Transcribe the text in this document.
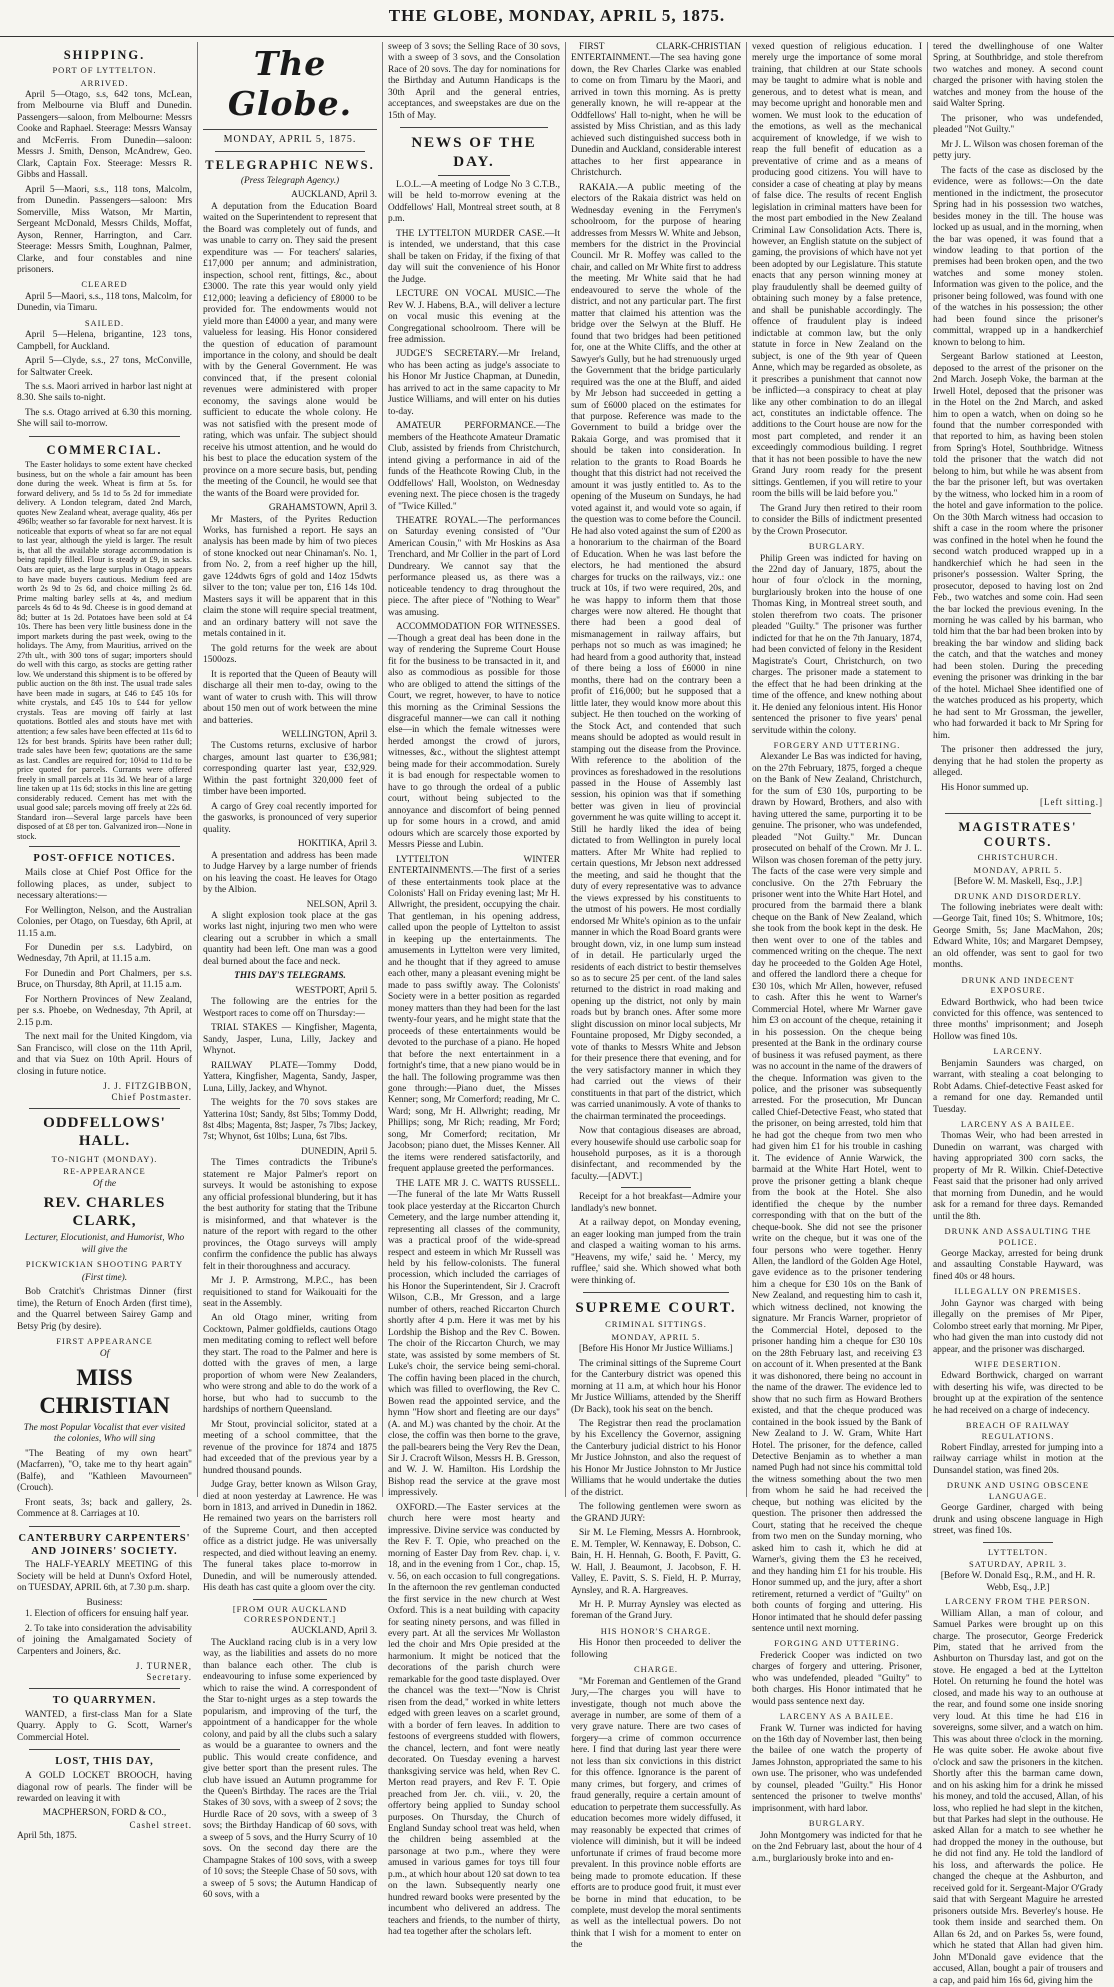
THE GLOBE, MONDAY, APRIL 5, 1875.
SHIPPING.
PORT OF LYTTELTON.
ARRIVED.

April 5—Otago, s.s, 642 tons, McLean, from Melbourne via Bluff and Dunedin. Passengers—saloon, from Melbourne: Messrs Cooke and Raphael. Steerage: Messrs Wansay and McFerris. From Dunedin—saloon: Messrs J. Smith, Denson, McAndrew, Geo. Clark, Captain Fox. Steerage: Messrs R. Gibbs and Hassall.

April 5—Maori, s.s., 118 tons, Malcolm, from Dunedin. Passengers—saloon: Mrs Somerville, Miss Watson, Mr Martin, Sergeant McDonald, Messrs Childs, Moffat, Ayson, Renner, Harrington, and Carr. Steerage: Messrs Smith, Loughnan, Palmer, Clarke, and four constables and nine prisoners.

CLEARED

April 5—Maori, s.s., 118 tons, Malcolm, for Dunedin, via Timaru.

SAILED.

April 5—Helena, brigantine, 123 tons, Campbell, for Auckland.

April 5—Clyde, s.s., 27 tons, McConville, for Saltwater Creek.

The s.s. Maori arrived in harbor last night at 8.30. She sails to-night.

The s.s. Otago arrived at 6.30 this morning. She will sail to-morrow.

COMMERCIAL.

The Easter holidays to some extent have checked business, but on the whole a fair amount has been done during the week. Wheat is firm at 5s. for forward delivery, and 5s 1d to 5s 2d for immediate delivery. A London telegram, dated 2nd March, quotes New Zealand wheat, average quality, 46s per 496lb; weather so far favorable for next harvest. It is noticeable that exports of wheat so far are not equal to last year, although the yield is larger. The result is, that all the available storage accommodation is being rapidly filled. Flour is steady at £9, in sacks. Oats are quiet, as the large surplus in Otago appears to have made buyers cautious. Medium feed are worth 2s 9d to 2s 6d, and choice milling 2s 6d. Prime malting barley sells at 4s, and medium parcels 4s 6d to 4s 9d. Cheese is in good demand at 8d; butter at 1s 2d. Potatoes have been sold at £4 10s. There has been very little business done in the import markets during the past week, owing to the holidays. The Amy, from Mauritius, arrived on the 27th ult., with 300 tons of sugar; importers should do well with this cargo, as stocks are getting rather low. We understand this shipment is to be offered by public auction on the 8th inst. The usual trade sales have been made in sugars, at £46 to £45 10s for white crystals, and £45 10s to £44 for yellow crystals. Teas are moving off fairly at last quotations. Bottled ales and stouts have met with attention; a few sales have been effected at 11s 6d to 12s for best brands. Spirits have been rather dull; trade sales have been few; quotations are the same as last. Candles are required for; 10½d to 11d to be price quoted for parcels. Currants were offered freely in small parcels at 11s 3d. We hear of a large line taken up at 11s 6d; stocks in this line are getting considerably reduced. Cement has met with the usual good sale; parcels moving off freely at 22s 6d. Standard iron—Several large parcels have been disposed of at £8 per ton. Galvanized iron—None in stock.

POST-OFFICE NOTICES.

Mails close at Chief Post Office for the following places, as under, subject to necessary alterations:—

For Wellington, Nelson, and the Australian Colonies, per Otago, on Tuesday, 6th April, at 11.15 a.m.

For Dunedin per s.s. Ladybird, on Wednesday, 7th April, at 11.15 a.m.

For Dunedin and Port Chalmers, per s.s. Bruce, on Thursday, 8th April, at 11.15 a.m.

For Northern Provinces of New Zealand, per s.s. Phoebe, on Wednesday, 7th April, at 2.15 p.m.

The next mail for the United Kingdom, via San Francisco, will close on the 11th April, and that via Suez on 10th April. Hours of closing in future notice.

J. J. FITZGIBBON,
Chief Postmaster.
ODDFELLOWS' HALL.
TO-NIGHT (MONDAY).
RE-APPEARANCE
Of the
REV. CHARLES CLARK,
Lecturer, Elocutionist, and Humorist, Who will give the
PICKWICKIAN SHOOTING PARTY
(First time).

Bob Cratchit's Christmas Dinner (first time), the Return of Enoch Arden (first time), and the Quarrel between Sairey Gamp and Betsy Prig (by desire).

FIRST APPEARANCE
Of
MISS CHRISTIAN
The most Popular Vocalist that ever visited the colonies, Who will sing

"The Beating of my own heart" (Macfarren), "O, take me to thy heart again" (Balfe), and "Kathleen Mavourneen" (Crouch).

Front seats, 3s; back and gallery, 2s. Commence at 8. Carriages at 10.

CANTERBURY CARPENTERS' AND JOINERS' SOCIETY.

The HALF-YEARLY MEETING of this Society will be held at Dunn's Oxford Hotel, on TUESDAY, APRIL 6th, at 7.30 p.m. sharp.

Business:

1. Election of officers for ensuing half year.

2. To take into consideration the advisability of joining the Amalgamated Society of Carpenters and Joiners, &c.

J. TURNER,
Secretary.
TO QUARRYMEN.

WANTED, a first-class Man for a Slate Quarry. Apply to G. Scott, Warner's Commercial Hotel.

LOST, THIS DAY,

A GOLD LOCKET BROOCH, having diagonal row of pearls. The finder will be rewarded on leaving it with

MACPHERSON, FORD & CO.,
Cashel street.
April 5th, 1875.
The Globe.
MONDAY, APRIL 5, 1875.
TELEGRAPHIC NEWS.
(Press Telegraph Agency.)
AUCKLAND, April 3.

A deputation from the Education Board waited on the Superintendent to represent that the Board was completely out of funds, and was unable to carry on. They said the present expenditure was — For teachers' salaries, £17,000 per annum; and administration, inspection, school rent, fittings, &c., about £3000. The rate this year would only yield £12,000; leaving a deficiency of £8000 to be provided for. The endowments would not yield more than £4000 a year, and many were valueless for leasing. His Honor considered the question of education of paramount importance in the colony, and should be dealt with by the General Government. He was convinced that, if the present colonial revenues were administered with proper economy, the savings alone would be sufficient to educate the whole colony. He was not satisfied with the present mode of rating, which was unfair. The subject should receive his utmost attention, and he would do his best to place the education system of the province on a more secure basis, but, pending the meeting of the Council, he would see that the wants of the Board were provided for.

GRAHAMSTOWN, April 3.

Mr Masters, of the Pyrites Reduction Works, has furnished a report. He says an analysis has been made by him of two pieces of stone knocked out near Chinaman's. No. 1, from No. 2, from a reef higher up the hill, gave 124dwts 6grs of gold and 14oz 15dwts silver to the ton; value per ton, £16 14s 10d. Masters says it will be apparent that in this claim the stone will require special treatment, and an ordinary battery will not save the metals contained in it.

The gold returns for the week are about 1500ozs.

It is reported that the Queen of Beauty will discharge all their men to-day, owing to the want of water to crush with. This will throw about 150 men out of work between the mine and batteries.

WELLINGTON, April 3.

The Customs returns, exclusive of harbor charges, amount last quarter to £36,981; corresponding quarter last year, £32,929. Within the past fortnight 320,000 feet of timber have been imported.

A cargo of Grey coal recently imported for the gasworks, is pronounced of very superior quality.

HOKITIKA, April 3.

A presentation and address has been made to Judge Harvey by a large number of friends on his leaving the coast. He leaves for Otago by the Albion.

NELSON, April 3.

A slight explosion took place at the gas works last night, injuring two men who were clearing out a scrubber in which a small quantity had been left. One man was a good deal burned about the face and neck.

THIS DAY'S TELEGRAMS.
WESTPORT, April 5.

The following are the entries for the Westport races to come off on Thursday:—

TRIAL STAKES — Kingfisher, Magenta, Sandy, Jasper, Luna, Lilly, Jackey and Whynot.

RAILWAY PLATE—Tommy Dodd, Yattera, Kingfisher, Magenta, Sandy, Jasper, Luna, Lilly, Jackey, and Whynot.

The weights for the 70 sovs stakes are Yatterina 10st; Sandy, 8st 5lbs; Tommy Dodd, 8st 4lbs; Magenta, 8st; Jasper, 7s 7lbs; Jackey, 7st; Whynot, 6st 10lbs; Luna, 6st 7lbs.

DUNEDIN, April 5.

The Times contradicts the Tribune's statement re Major Palmer's report on surveys. It would be astonishing to expose any official professional blundering, but it has the best authority for stating that the Tribune is misinformed, and that whatever is the nature of the report with regard to the other provinces, the Otago surveys will amply confirm the confidence the public has always felt in their thoroughness and accuracy.

Mr J. P. Armstrong, M.P.C., has been requisitioned to stand for Waikouaiti for the seat in the Assembly.

An old Otago miner, writing from Cocktown, Palmer goldfields, cautions Otago men meditating coming to reflect well before they start. The road to the Palmer and here is dotted with the graves of men, a large proportion of whom were New Zealanders, who were strong and able to do the work of a horse, but who had to succumb to the hardships of northern Queensland.

Mr Stout, provincial solicitor, stated at a meeting of a school committee, that the revenue of the province for 1874 and 1875 had exceeded that of the previous year by a hundred thousand pounds.

Judge Gray, better known as Wilson Gray, died at noon yesterday at Lawrence. He was born in 1813, and arrived in Dunedin in 1862. He remained two years on the barristers roll of the Supreme Court, and then accepted office as a district judge. He was universally respected, and died without leaving an enemy. The funeral takes place to-morrow in Dunedin, and will be numerously attended. His death has cast quite a gloom over the city.

[FROM OUR AUCKLAND CORRESPONDENT.]
AUCKLAND, April 3.

The Auckland racing club is in a very low way, as the liabilities and assets do no more than balance each other. The club is endeavouring to infuse some experienced by which to raise the wind. A correspondent of the Star to-night urges as a step towards the popularism, and improving of the turf, the appointment of a handicapper for the whole colony, and paid by all the clubs such a salary as would be a guarantee to owners and the public. This would create confidence, and give better sport than the present rules. The club have issued an Autumn programme for the Queen's Birthday. The races are the Trial Stakes of 30 sovs, with a sweep of 2 sovs; the Hurdle Race of 20 sovs, with a sweep of 3 sovs; the Birthday Handicap of 60 sovs, with a sweep of 5 sovs, and the Hurry Scurry of 10 sovs. On the second day there are the Champagne Stakes of 100 sovs, with a sweep of 10 sovs; the Steeple Chase of 50 sovs, with a sweep of 5 sovs; the Autumn Handicap of 60 sovs, with a

sweep of 3 sovs; the Selling Race of 30 sovs, with a sweep of 3 sovs, and the Consolation Race of 20 sovs. The day for nominations for the Birthday and Autumn Handicaps is the 30th April and the general entries, acceptances, and sweepstakes are due on the 15th of May.

NEWS OF THE DAY.

L.O.L.—A meeting of Lodge No 3 C.T.B., will be held to-morrow evening at the Oddfellows' Hall, Montreal street south, at 8 p.m.

THE LYTTELTON MURDER CASE.—It is intended, we understand, that this case shall be taken on Friday, if the fixing of that day will suit the convenience of his Honor the Judge.

LECTURE ON VOCAL MUSIC.—The Rev W. J. Habens, B.A., will deliver a lecture on vocal music this evening at the Congregational schoolroom. There will be free admission.

JUDGE'S SECRETARY.—Mr Ireland, who has been acting as judge's associate to his Honor Mr Justice Chapman, at Dunedin, has arrived to act in the same capacity to Mr Justice Williams, and will enter on his duties to-day.

AMATEUR PERFORMANCE.—The members of the Heathcote Amateur Dramatic Club, assisted by friends from Christchurch, intend giving a performance in aid of the funds of the Heathcote Rowing Club, in the Oddfellows' Hall, Woolston, on Wednesday evening next. The piece chosen is the tragedy of "Twice Killed."

THEATRE ROYAL.—The performances on Saturday evening consisted of "Our American Cousin," with Mr Hoskins as Asa Trenchard, and Mr Collier in the part of Lord Dundreary. We cannot say that the performance pleased us, as there was a noticeable tendency to drag throughout the piece. The after piece of "Nothing to Wear" was amusing.

ACCOMMODATION FOR WITNESSES.—Though a great deal has been done in the way of rendering the Supreme Court House fit for the business to be transacted in it, and also as commodious as possible for those who are obliged to attend the sittings of the Court, we regret, however, to have to notice this morning as the Criminal Sessions the disgraceful manner—we can call it nothing else—in which the female witnesses were herded amongst the crowd of jurors, witnesses, &c., without the slightest attempt being made for their accommodation. Surely it is bad enough for respectable women to have to go through the ordeal of a public court, without being subjected to the annoyance and discomfort of being penned up for some hours in a crowd, and amid odours which are scarcely those exported by Messrs Piesse and Lubin.

LYTTELTON WINTER ENTERTAINMENTS.—The first of a series of these entertainments took place at the Colonists' Hall on Friday evening last; Mr H. Allwright, the president, occupying the chair. That gentleman, in his opening address, called upon the people of Lyttelton to assist in keeping up the entertainments. The amusements in Lyttelton were very limited, and he thought that if they agreed to amuse each other, many a pleasant evening might be made to pass swiftly away. The Colonists' Society were in a better position as regarded money matters than they had been for the last twenty-four years, and he might state that the proceeds of these entertainments would be devoted to the purchase of a piano. He hoped that before the next entertainment in a fortnight's time, that a new piano would be in the hall. The following programme was then gone through:—Piano duet, the Misses Kenner; song, Mr Comerford; reading, Mr C. Ward; song, Mr H. Allwright; reading, Mr Phillips; song, Mr Rich; reading, Mr Ford; song, Mr Comerford; recitation, Mr Jacobson; piano duet, the Misses Kenner. All the items were rendered satisfactorily, and frequent applause greeted the performances.

THE LATE MR J. C. WATTS RUSSELL.—The funeral of the late Mr Watts Russell took place yesterday at the Riccarton Church Cemetery, and the large number attending it, representing all classes of the community, was a practical proof of the wide-spread respect and esteem in which Mr Russell was held by his fellow-colonists. The funeral procession, which included the carriages of his Honor the Superintendent, Sir J. Cracroft Wilson, C.B., Mr Gresson, and a large number of others, reached Riccarton Church shortly after 4 p.m. Here it was met by his Lordship the Bishop and the Rev C. Bowen. The choir of the Riccarton Church, we may state, was assisted by some members of St. Luke's choir, the service being semi-choral. The coffin having been placed in the church, which was filled to overflowing, the Rev C. Bowen read the appointed service, and the hymn "How short and fleeting are our days" (A. and M.) was chanted by the choir. At the close, the coffin was then borne to the grave, the pall-bearers being the Very Rev the Dean, Sir J. Cracroft Wilson, Messrs H. B. Gresson, and W. J. W. Hamilton. His Lordship the Bishop read the service at the grave most impressively.

OXFORD.—The Easter services at the church here were most hearty and impressive. Divine service was conducted by the Rev F. T. Opie, who preached on the morning of Easter Day from Rev. chap. i, v. 18, and in the evening from 1 Cor., chap. 15, v. 56, on each occasion to full congregations. In the afternoon the rev gentleman conducted the first service in the new church at West Oxford. This is a neat building with capacity for seating ninety persons, and was filled in every part. At all the services Mr Wollaston led the choir and Mrs Opie presided at the harmonium. It might be noticed that the decorations of the parish church were remarkable for the good taste displayed. Over the chancel was the text—"Now is Christ risen from the dead," worked in white letters edged with green leaves on a scarlet ground, with a border of fern leaves. In addition to festoons of evergreens studded with flowers, the chancel, lectern, and font were neatly decorated. On Tuesday evening a harvest thanksgiving service was held, when Rev C. Merton read prayers, and Rev F. T. Opie preached from Jer. ch. viii., v. 20, the offertory being applied to Sunday school purposes. On Thursday, the Church of England Sunday school treat was held, when the children being assembled at the parsonage at two p.m., where they were amused in various games for toys till four p.m., at which hour about 120 sat down to tea on the lawn. Subsequently nearly one hundred reward books were presented by the incumbent who delivered an address. The teachers and friends, to the number of thirty, had tea together after the scholars left.

FIRST CLARK-CHRISTIAN ENTERTAINMENT.—The sea having gone down, the Rev Charles Clarke was enabled to come on from Timaru by the Maori, and arrived in town this morning. As is pretty generally known, he will re-appear at the Oddfellows' Hall to-night, when he will be assisted by Miss Christian, and as this lady achieved such distinguished success both in Dunedin and Auckland, considerable interest attaches to her first appearance in Christchurch.

RAKAIA.—A public meeting of the electors of the Rakaia district was held on Wednesday evening in the Ferrymen's schoolroom, for the purpose of hearing addresses from Messrs W. White and Jebson, members for the district in the Provincial Council. Mr R. Moffey was called to the chair, and called on Mr White first to address the meeting. Mr White said that he had endeavoured to serve the whole of the district, and not any particular part. The first matter that claimed his attention was the bridge over the Selwyn at the Bluff. He found that two bridges had been petitioned for, one at the White Cliffs, and the other at Sawyer's Gully, but he had strenuously urged the Government that the bridge particularly required was the one at the Bluff, and aided by Mr Jebson had succeeded in getting a sum of £6000 placed on the estimates for that purpose. Reference was made to the Government to build a bridge over the Rakaia Gorge, and was promised that it should be taken into consideration. In relation to the grants to Road Boards he thought that this district had not received the amount it was justly entitled to. As to the opening of the Museum on Sundays, he had voted against it, and would vote so again, if the question was to come before the Council. He had also voted against the sum of £200 as a honorarium to the chairman of the Board of Education. When he was last before the electors, he had mentioned the absurd charges for trucks on the railways, viz.: one truck at 10s, if two were required, 20s, and he was happy to inform them that those charges were now altered. He thought that there had been a good deal of mismanagement in railway affairs, but perhaps not so much as was imagined; he had heard from a good authority that, instead of there being a loss of £6000 in nine months, there had on the contrary been a profit of £16,000; but he supposed that a little later, they would know more about this subject. He then touched on the working of the Stock Act, and contended that such means should be adopted as would result in stamping out the disease from the Province. With reference to the abolition of the provinces as foreshadowed in the resolutions passed in the House of Assembly last session, his opinion was that if something better was given in lieu of provincial government he was quite willing to accept it. Still he hardly liked the idea of being dictated to from Wellington in purely local matters. After Mr White had replied to certain questions, Mr Jebson next addressed the meeting, and said he thought that the duty of every representative was to advance the views expressed by his constituents to the utmost of his powers. He most cordially endorsed Mr White's opinion as to the unfair manner in which the Road Board grants were brought down, viz, in one lump sum instead of in detail. He particularly urged the residents of each district to bestir themselves so as to secure 25 per cent. of the land sales returned to the district in road making and opening up the district, not only by main roads but by branch ones. After some more slight discussion on minor local subjects, Mr Fountaine proposed, Mr Digby seconded, a vote of thanks to Messrs White and Jebson for their presence there that evening, and for the very satisfactory manner in which they had carried out the views of their constituents in that part of the district, which was carried unanimously. A vote of thanks to the chairman terminated the proceedings.

Now that contagious diseases are abroad, every housewife should use carbolic soap for household purposes, as it is a thorough disinfectant, and recommended by the faculty.—[ADVT.]

Receipt for a hot breakfast—Admire your landlady's new bonnet.

At a railway depot, on Monday evening, an eager looking man jumped from the train and clasped a waiting woman to his arms. "Heavens, my wife,' said he. ' Mercy, my rufflee,' said she. Which showed what both were thinking of.

SUPREME COURT.
CRIMINAL SITTINGS.
MONDAY, APRIL 5.

[Before His Honor Mr Justice Williams.]

The criminal sittings of the Supreme Court for the Canterbury district was opened this morning at 11 a.m, at which hour his Honor Mr Justice Williams, attended by the Sheriff (Dr Back), took his seat on the bench.

The Registrar then read the proclamation by his Excellency the Governor, assigning the Canterbury judicial district to his Honor Mr Justice Johnston, and also the request of his Honor Mr Justice Johnston to Mr Justice Williams that he would undertake the duties of the district.

The following gentlemen were sworn as the GRAND JURY:

Sir M. Le Fleming, Messrs A. Hornbrook, E. M. Templer, W. Kennaway, E. Dobson, C. Bain, H. H. Hennah, G. Booth, F. Pavitt, G. W. Hall, J. Beaumont, J. Jacobson, F. H. Valley, E. Pavitt, S. S. Field, H. P. Murray, Aynsley, and R. A. Hargreaves.

Mr H. P. Murray Aynsley was elected as foreman of the Grand Jury.

HIS HONOR'S CHARGE.

His Honor then proceeded to deliver the following

CHARGE.

"Mr Foreman and Gentlemen of the Grand Jury,—The charges you will have to investigate, though not much above the average in number, are some of them of a very grave nature. There are two cases of forgery—a crime of common occurrence here. I find that during last year there were not less than six convictions in this district for this offence. Ignorance is the parent of many crimes, but forgery, and crimes of fraud generally, require a certain amount of education to perpetrate them successfully. As education becomes more widely diffused, it may reasonably be expected that crimes of violence will diminish, but it will be indeed unfortunate if crimes of fraud become more prevalent. In this province noble efforts are being made to promote education. If these efforts are to produce good fruit, it must ever be borne in mind that education, to be complete, must develop the moral sentiments as well as the intellectual powers. Do not think that I wish for a moment to enter on the

vexed question of religious education. I merely urge the importance of some moral training, that children at our State schools may be taught to admire what is noble and generous, and to detest what is mean, and may become upright and honorable men and women. We must look to the education of the emotions, as well as the mechanical acquirement of knowledge, if we wish to reap the full benefit of education as a preventative of crime and as a means of producing good citizens. You will have to consider a case of cheating at play by means of false dice. The results of recent English legislation in criminal matters have been for the most part embodied in the New Zealand Criminal Law Consolidation Acts. There is, however, an English statute on the subject of gaming, the provisions of which have not yet been adopted by our Legislature. This statute enacts that any person winning money at play fraudulently shall be deemed guilty of obtaining such money by a false pretence, and shall be punishable accordingly. The offence of fraudulent play is indeed indictable at common law, but the only statute in force in New Zealand on the subject, is one of the 9th year of Queen Anne, which may be regarded as obsolete, as it prescribes a punishment that cannot now be inflicted—a conspiracy to cheat at play like any other combination to do an illegal act, constitutes an indictable offence. The additions to the Court house are now for the most part completed, and render it an exceedingly commodious building. I regret that it has not been possible to have the new Grand Jury room ready for the present sittings. Gentlemen, if you will retire to your room the bills will be laid before you."

The Grand Jury then retired to their room to consider the Bills of indictment presented by the Crown Prosecutor.

BURGLARY.

Philip Green was indicted for having on the 22nd day of January, 1875, about the hour of four o'clock in the morning, burglariously broken into the house of one Thomas King, in Montreal street south, and stolen therefrom two coats. The prisoner pleaded "Guilty." The prisoner was further indicted for that he on the 7th January, 1874, had been convicted of felony in the Resident Magistrate's Court, Christchurch, on two charges. The prisoner made a statement to the effect that he had been drinking at the time of the offence, and knew nothing about it. He denied any felonious intent. His Honor sentenced the prisoner to five years' penal servitude within the colony.

FORGERY AND UTTERING.

Alexander Le Bas was indicted for having, on the 27th February, 1875, forged a cheque on the Bank of New Zealand, Christchurch, for the sum of £30 10s, purporting to be drawn by Howard, Brothers, and also with having uttered the same, purporting it to be genuine. The prisoner, who was undefended, pleaded "Not Guilty." Mr. Duncan prosecuted on behalf of the Crown. Mr J. L. Wilson was chosen foreman of the petty jury. The facts of the case were very simple and conclusive. On the 27th February the prisoner went into the White Hart Hotel, and procured from the barmaid there a blank cheque on the Bank of New Zealand, which she took from the book kept in the desk. He then went over to one of the tables and commenced writing on the cheque. The next day he proceeded to the Golden Age Hotel, and offered the landlord there a cheque for £30 10s, which Mr Allen, however, refused to cash. After this he went to Warner's Commercial Hotel, where Mr Warner gave him £3 on account of the cheque, retaining it in his possession. On the cheque being presented at the Bank in the ordinary course of business it was refused payment, as there was no account in the name of the drawers of the cheque. Information was given to the police, and the prisoner was subsequently arrested. For the prosecution, Mr Duncan called Chief-Detective Feast, who stated that the prisoner, on being arrested, told him that he had got the cheque from two men who had given him £1 for his trouble in cashing it. The evidence of Annie Warwick, the barmaid at the White Hart Hotel, went to prove the prisoner getting a blank cheque from the book at the Hotel. She also identified the cheque by the number corresponding with that on the butt of the cheque-book. She did not see the prisoner write on the cheque, but it was one of the four persons who were together. Henry Allen, the landlord of the Golden Age Hotel, gave evidence as to the prisoner tendering him a cheque for £30 10s on the Bank of New Zealand, and requesting him to cash it, which witness declined, not knowing the signature. Mr Francis Warner, proprietor of the Commercial Hotel, deposed to the prisoner handing him a cheque for £30 10s on the 28th February last, and receiving £3 on account of it. When presented at the Bank it was dishonored, there being no account in the name of the drawer. The evidence led to show that no such firm as Howard Brothers existed, and that the cheque produced was contained in the book issued by the Bank of New Zealand to J. W. Gram, White Hart Hotel. The prisoner, for the defence, called Detective Benjamin as to whether a man named Pugh had not since his committal told the witness something about the two men from whom he said he had received the cheque, but nothing was elicited by the question. The prisoner then addressed the Court, stating that he received the cheque from two men on the Sunday morning, who asked him to cash it, which he did at Warner's, giving them the £3 he received, and they handing him £1 for his trouble. His Honor summed up, and the jury, after a short retirement, returned a verdict of "Guilty" on both counts of forging and uttering. His Honor intimated that he should defer passing sentence until next morning.

FORGING AND UTTERING.

Frederick Cooper was indicted on two charges of forgery and uttering. Prisoner, who was undefended, pleaded "Guilty" to both charges. His Honor intimated that he would pass sentence next day.

LARCENY AS A BAILEE.

Frank W. Turner was indicted for having on the 16th day of November last, then being the bailee of one watch the property of James Johnston, appropriated the same to his own use. The prisoner, who was undefended by counsel, pleaded "Guilty." His Honor sentenced the prisoner to twelve months' imprisonment, with hard labor.

BURGLARY.

John Montgomery was indicted for that he on the 2nd February last, about the hour of 4 a.m., burglariously broke into and en-

tered the dwellinghouse of one Walter Spring, at Southbridge, and stole therefrom two watches and money. A second count charged the prisoner with having stolen the watches and money from the house of the said Walter Spring.

The prisoner, who was undefended, pleaded "Not Guilty."

Mr J. L. Wilson was chosen foreman of the petty jury.

The facts of the case as disclosed by the evidence, were as follows:—On the date mentioned in the indictment, the prosecutor Spring had in his possession two watches, besides money in the till. The house was locked up as usual, and in the morning, when the bar was opened, it was found that a window leading to that portion of the premises had been broken open, and the two watches and some money stolen. Information was given to the police, and the prisoner being followed, was found with one of the watches in his possession; the other had been found since the prisoner's committal, wrapped up in a handkerchief known to belong to him.

Sergeant Barlow stationed at Leeston, deposed to the arrest of the prisoner on the 2nd March. Joseph Voke, the barman at the Irwell Hotel, deposed that the prisoner was in the Hotel on the 2nd March, and asked him to open a watch, when on doing so he found that the number corresponded with that reported to him, as having been stolen from Spring's Hotel, Southbridge. Witness told the prisoner that the watch did not belong to him, but while he was absent from the bar the prisoner left, but was overtaken by the witness, who locked him in a room of the hotel and gave information to the police. On the 30th March witness had occasion to shift a case in the room where the prisoner was confined in the hotel when he found the second watch produced wrapped up in a handkerchief which he had seen in the prisoner's possession. Walter Spring, the prosecutor, deposed to having lost on 2nd Feb., two watches and some coin. Had seen the bar locked the previous evening. In the morning he was called by his barman, who told him that the bar had been broken into by breaking the bar window and sliding back the catch, and that the watches and money had been stolen. During the preceding evening the prisoner was drinking in the bar of the hotel. Michael Shee identified one of the watches produced as his property, which he had sent to Mr Grossman, the jeweller, who had forwarded it back to Mr Spring for him.

The prisoner then addressed the jury, denying that he had stolen the property as alleged.

His Honor summed up.

[Left sitting.]
MAGISTRATES' COURTS.
CHRISTCHURCH.
MONDAY, APRIL 5.
[Before W. M. Maskell, Esq., J.P.]
DRUNK AND DISORDERLY.

The following inebriates were dealt with:—George Tait, fined 10s; S. Whitmore, 10s; George Smith, 5s; Jane MacMahon, 20s; Edward White, 10s; and Margaret Dempsey, an old offender, was sent to gaol for two months.

DRUNK AND INDECENT EXPOSURE.

Edward Borthwick, who had been twice convicted for this offence, was sentenced to three months' imprisonment; and Joseph Hollow was fined 10s.

LARCENY.

Benjamin Saunders was charged, on warrant, with stealing a coat belonging to Robt Adams. Chief-detective Feast asked for a remand for one day. Remanded until Tuesday.

LARCENY AS A BAILEE.

Thomas Weir, who had been arrested in Dunedin on warrant, was charged with having appropriated 300 corn sacks, the property of Mr R. Wilkin. Chief-Detective Feast said that the prisoner had only arrived that morning from Dunedin, and he would ask for a remand for three days. Remanded until the 8th.

DRUNK AND ASSAULTING THE POLICE.

George Mackay, arrested for being drunk and assaulting Constable Hayward, was fined 40s or 48 hours.

ILLEGALLY ON PREMISES.

John Gaynor was charged with being illegally on the premises of Mr Piper, Colombo street early that morning. Mr Piper, who had given the man into custody did not appear, and the prisoner was discharged.

WIFE DESERTION.

Edward Borthwick, charged on warrant with deserting his wife, was directed to be brought up at the expiration of the sentence he had received on a charge of indecency.

BREACH OF RAILWAY REGULATIONS.

Robert Findlay, arrested for jumping into a railway carriage whilst in motion at the Dunsandel station, was fined 20s.

DRUNK AND USING OBSCENE LANGUAGE.

George Gardiner, charged with being drunk and using obscene language in High street, was fined 10s.

LYTTELTON.
SATURDAY, APRIL 3.
[Before W. Donald Esq., R.M., and H. R. Webb, Esq., J.P.]
LARCENY FROM THE PERSON.

William Allan, a man of colour, and Samuel Parkes were brought up on this charge. The prosecutor, George Frederick Pim, stated that he arrived from the Ashburton on Thursday last, and got on the stove. He engaged a bed at the Lyttelton Hotel. On returning he found the hotel was closed, and made his way to an outhouse at the rear, and found some one inside snoring very loud. At this time he had £16 in sovereigns, some silver, and a watch on him. This was about three o'clock in the morning. He was quite sober. He awoke about five o'clock and saw the prisoners in the kitchen. Shortly after this the barman came down, and on his asking him for a drink he missed his money, and told the accused, Allan, of his loss, who replied he had slept in the kitchen, but that Parkes had slept in the outhouse. He asked Allan for a match to see whether he had dropped the money in the outhouse, but he did not find any. He told the landlord of his loss, and afterwards the police. He changed the cheque at the Ashburton, and received gold for it. Sergeant-Major O'Grady said that with Sergeant Maguire he arrested prisoners outside Mrs. Beverley's house. He took them inside and searched them. On Allan 6s 2d, and on Parkes 5s, were found, which he stated that Allan had given him. John M'Donald gave evidence that the accused, Allan, bought a pair of trousers and a cap, and paid him 16s 6d, giving him the
